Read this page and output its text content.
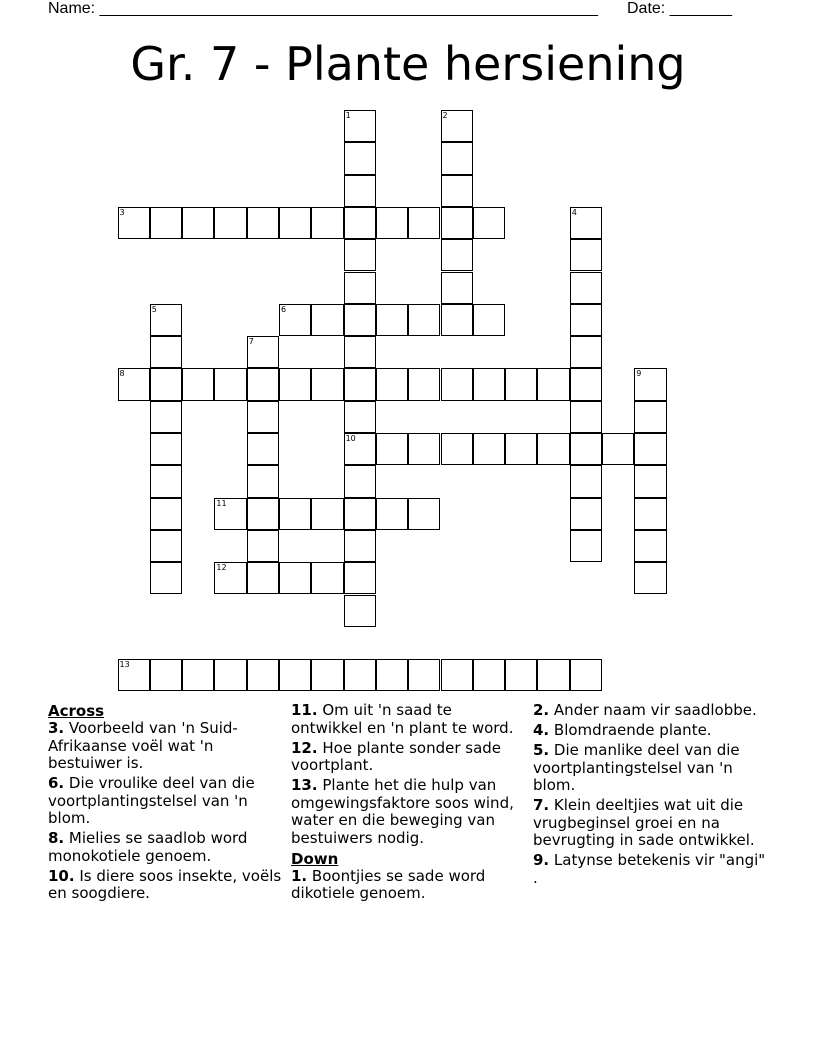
Name: ________________________________________________________ Date: _______
Gr. 7 - Plante hersiening
1	2
3	4
5	6
7
8	9
10
11
12
13
Across

3. Voorbeeld van 'n Suid-Afrikaanse voël wat 'n bestuiwer is.

6. Die vroulike deel van die voortplantingstelsel van 'n blom.

8. Mielies se saadlob word monokotiele genoem.

10. Is diere soos insekte, voëls en soogdiere.

11. Om uit 'n saad te ontwikkel en 'n plant te word.

12. Hoe plante sonder sade voortplant.

13. Plante het die hulp van omgewingsfaktore soos wind, water en die beweging van bestuiwers nodig.

Down

1. Boontjies se sade word dikotiele genoem.

2. Ander naam vir saadlobbe.

4. Blomdraende plante.

5. Die manlike deel van die voortplantingstelsel van 'n blom.

7. Klein deeltjies wat uit die vrugbeginsel groei en na bevrugting in sade ontwikkel.

9. Latynse betekenis vir "angi" .
